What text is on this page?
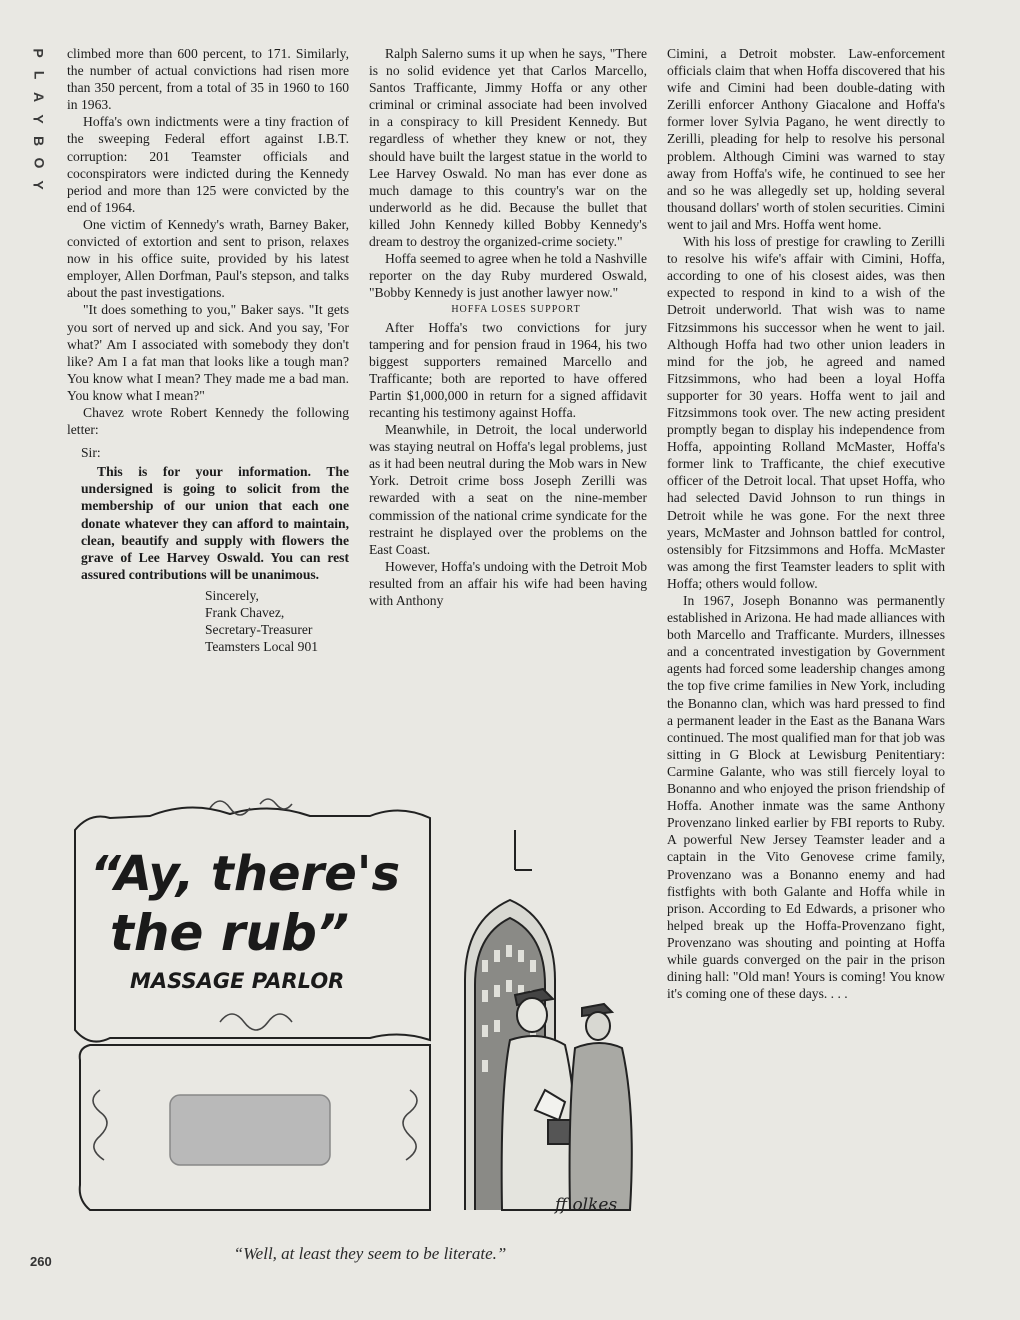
P
L
A
Y
B
O
Y

climbed more than 600 percent, to 171. Similarly, the number of actual convictions had risen more than 350 percent, from a total of 35 in 1960 to 160 in 1963.

Hoffa's own indictments were a tiny fraction of the sweeping Federal effort against I.B.T. corruption: 201 Teamster officials and coconspirators were indicted during the Kennedy period and more than 125 were convicted by the end of 1964.

One victim of Kennedy's wrath, Barney Baker, convicted of extortion and sent to prison, relaxes now in his office suite, provided by his latest employer, Allen Dorfman, Paul's stepson, and talks about the past investigations.

"It does something to you," Baker says. "It gets you sort of nerved up and sick. And you say, 'For what?' Am I associated with somebody they don't like? Am I a fat man that looks like a tough man? You know what I mean? They made me a bad man. You know what I mean?"

Chavez wrote Robert Kennedy the following letter:

Sir:

This is for your information. The undersigned is going to solicit from the membership of our union that each one donate whatever they can afford to maintain, clean, beautify and supply with flowers the grave of Lee Harvey Oswald. You can rest assured contributions will be unanimous.

Sincerely,
Frank Chavez,
Secretary-Treasurer
Teamsters Local 901

Ralph Salerno sums it up when he says, "There is no solid evidence yet that Carlos Marcello, Santos Trafficante, Jimmy Hoffa or any other criminal or criminal associate had been involved in a conspiracy to kill President Kennedy. But regardless of whether they knew or not, they should have built the largest statue in the world to Lee Harvey Oswald. No man has ever done as much damage to this country's war on the underworld as he did. Because the bullet that killed John Kennedy killed Bobby Kennedy's dream to destroy the organized-crime society."

Hoffa seemed to agree when he told a Nashville reporter on the day Ruby murdered Oswald, "Bobby Kennedy is just another lawyer now."

HOFFA LOSES SUPPORT

After Hoffa's two convictions for jury tampering and for pension fraud in 1964, his two biggest supporters remained Marcello and Trafficante; both are reported to have offered Partin $1,000,000 in return for a signed affidavit recanting his testimony against Hoffa.

Meanwhile, in Detroit, the local underworld was staying neutral on Hoffa's legal problems, just as it had been neutral during the Mob wars in New York. Detroit crime boss Joseph Zerilli was rewarded with a seat on the nine-member commission of the national crime syndicate for the restraint he displayed over the problems on the East Coast.

However, Hoffa's undoing with the Detroit Mob resulted from an affair his wife had been having with Anthony

Cimini, a Detroit mobster. Law-enforcement officials claim that when Hoffa discovered that his wife and Cimini had been double-dating with Zerilli enforcer Anthony Giacalone and Hoffa's former lover Sylvia Pagano, he went directly to Zerilli, pleading for help to resolve his personal problem. Although Cimini was warned to stay away from Hoffa's wife, he continued to see her and so he was allegedly set up, holding several thousand dollars' worth of stolen securities. Cimini went to jail and Mrs. Hoffa went home.

With his loss of prestige for crawling to Zerilli to resolve his wife's affair with Cimini, Hoffa, according to one of his closest aides, was then expected to respond in kind to a wish of the Detroit underworld. That wish was to name Fitzsimmons his successor when he went to jail. Although Hoffa had two other union leaders in mind for the job, he agreed and named Fitzsimmons, who had been a loyal Hoffa supporter for 30 years. Hoffa went to jail and Fitzsimmons took over. The new acting president promptly began to display his independence from Hoffa, appointing Rolland McMaster, Hoffa's former link to Trafficante, the chief executive officer of the Detroit local. That upset Hoffa, who had selected David Johnson to run things in Detroit while he was gone. For the next three years, McMaster and Johnson battled for control, ostensibly for Fitzsimmons and Hoffa. McMaster was among the first Teamster leaders to split with Hoffa; others would follow.

In 1967, Joseph Bonanno was permanently established in Arizona. He had made alliances with both Marcello and Trafficante. Murders, illnesses and a concentrated investigation by Government agents had forced some leadership changes among the top five crime families in New York, including the Bonanno clan, which was hard pressed to find a permanent leader in the East as the Banana Wars continued. The most qualified man for that job was sitting in G Block at Lewisburg Penitentiary: Carmine Galante, who was still fiercely loyal to Bonanno and who enjoyed the prison friendship of Hoffa. Another inmate was the same Anthony Provenzano linked earlier by FBI reports to Ruby. A powerful New Jersey Teamster leader and a captain in the Vito Genovese crime family, Provenzano was a Bonanno enemy and had fistfights with both Galante and Hoffa while in prison. According to Ed Edwards, a prisoner who helped break up the Hoffa-Provenzano fight, Provenzano was shouting and pointing at Hoffa while guards converged on the pair in the prison dining hall: "Old man! Yours is coming! You know it's coming one of these days. . . .

“Ay, there's
the rub”
MASSAGE PARLOR
ff olkes
“Well, at least they seem to be literate.”
260
